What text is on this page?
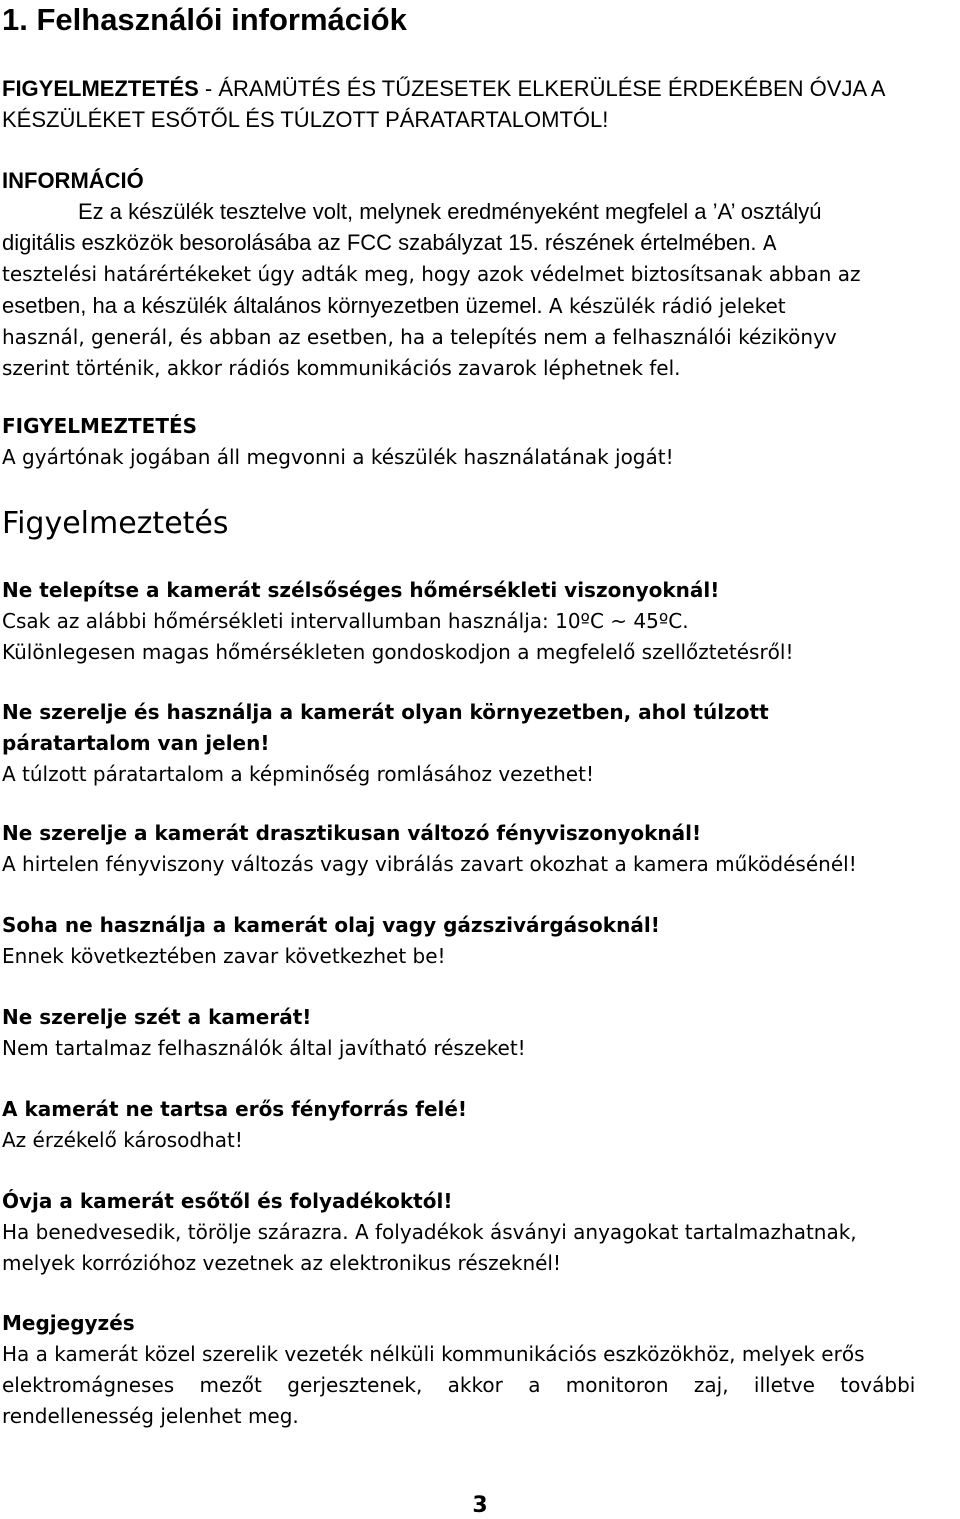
1. Felhasználói információk

FIGYELMEZTETÉS - ÁRAMÜTÉS ÉS TŰZESETEK ELKERÜLÉSE ÉRDEKÉBEN ÓVJA A
KÉSZÜLÉKET ESŐTŐL ÉS TÚLZOTT PÁRATARTALOMTÓL!

INFORMÁCIÓ
Ez a készülék tesztelve volt, melynek eredményeként megfelel a ’A’ osztályú
digitális eszközök besorolásába az FCC szabályzat 15. részének értelmében. A
tesztelési határértékeket úgy adták meg, hogy azok védelmet biztosítsanak abban az
esetben, ha a készülék általános környezetben üzemel. A készülék rádió jeleket
használ, generál, és abban az esetben, ha a telepítés nem a felhasználói kézikönyv
szerint történik, akkor rádiós kommunikációs zavarok léphetnek fel.

FIGYELMEZTETÉS
A gyártónak jogában áll megvonni a készülék használatának jogát!

Figyelmeztetés

Ne telepítse a kamerát szélsőséges hőmérsékleti viszonyoknál!
Csak az alábbi hőmérsékleti intervallumban használja: 10ºC ~ 45ºC.
Különlegesen magas hőmérsékleten gondoskodjon a megfelelő szellőztetésről!

Ne szerelje és használja a kamerát olyan környezetben, ahol túlzott
páratartalom van jelen!
A túlzott páratartalom a képminőség romlásához vezethet!

Ne szerelje a kamerát drasztikusan változó fényviszonyoknál!
A hirtelen fényviszony változás vagy vibrálás zavart okozhat a kamera működésénél!

Soha ne használja a kamerát olaj vagy gázszivárgásoknál!
Ennek következtében zavar következhet be!

Ne szerelje szét a kamerát!
Nem tartalmaz felhasználók által javítható részeket!

A kamerát ne tartsa erős fényforrás felé!
Az érzékelő károsodhat!

Óvja a kamerát esőtől és folyadékoktól!
Ha benedvesedik, törölje szárazra. A folyadékok ásványi anyagokat tartalmazhatnak,
melyek korrózióhoz vezetnek az elektronikus részeknél!

Megjegyzés
Ha a kamerát közel szerelik vezeték nélküli kommunikációs eszközökhöz, melyek erős
elektromágneses mezőt gerjesztenek, akkor a monitoron zaj, illetve további
rendellenesség jelenhet meg.

3
